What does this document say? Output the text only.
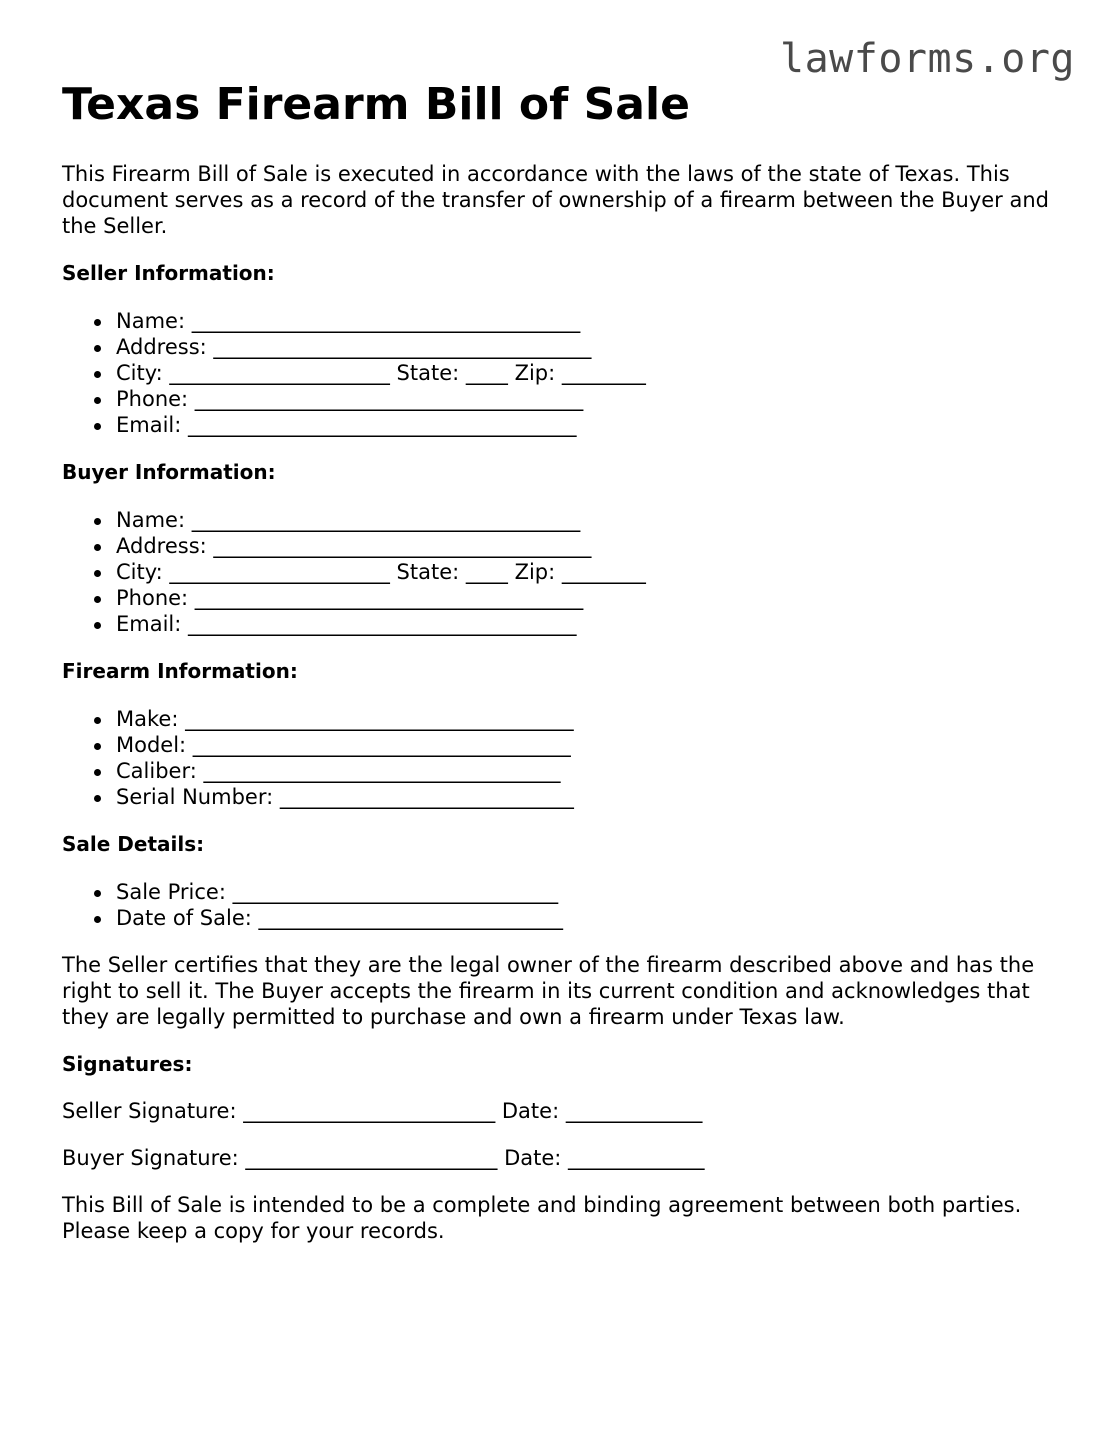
lawforms.org
Texas Firearm Bill of Sale

This Firearm Bill of Sale is executed in accordance with the laws of the state of Texas. This document serves as a record of the transfer of ownership of a firearm between the Buyer and the Seller.

Seller Information:
Name: _____________________________________
Address: ____________________________________
City: _____________________ State: ____ Zip: ________
Phone: _____________________________________
Email: _____________________________________
Buyer Information:
Name: _____________________________________
Address: ____________________________________
City: _____________________ State: ____ Zip: ________
Phone: _____________________________________
Email: _____________________________________
Firearm Information:
Make: _____________________________________
Model: ____________________________________
Caliber: __________________________________
Serial Number: ____________________________
Sale Details:
Sale Price: _______________________________
Date of Sale: _____________________________

The Seller certifies that they are the legal owner of the firearm described above and has the right to sell it. The Buyer accepts the firearm in its current condition and acknowledges that they are legally permitted to purchase and own a firearm under Texas law.

Signatures:

Seller Signature: ________________________ Date: _____________

Buyer Signature: ________________________ Date: _____________

This Bill of Sale is intended to be a complete and binding agreement between both parties. Please keep a copy for your records.
